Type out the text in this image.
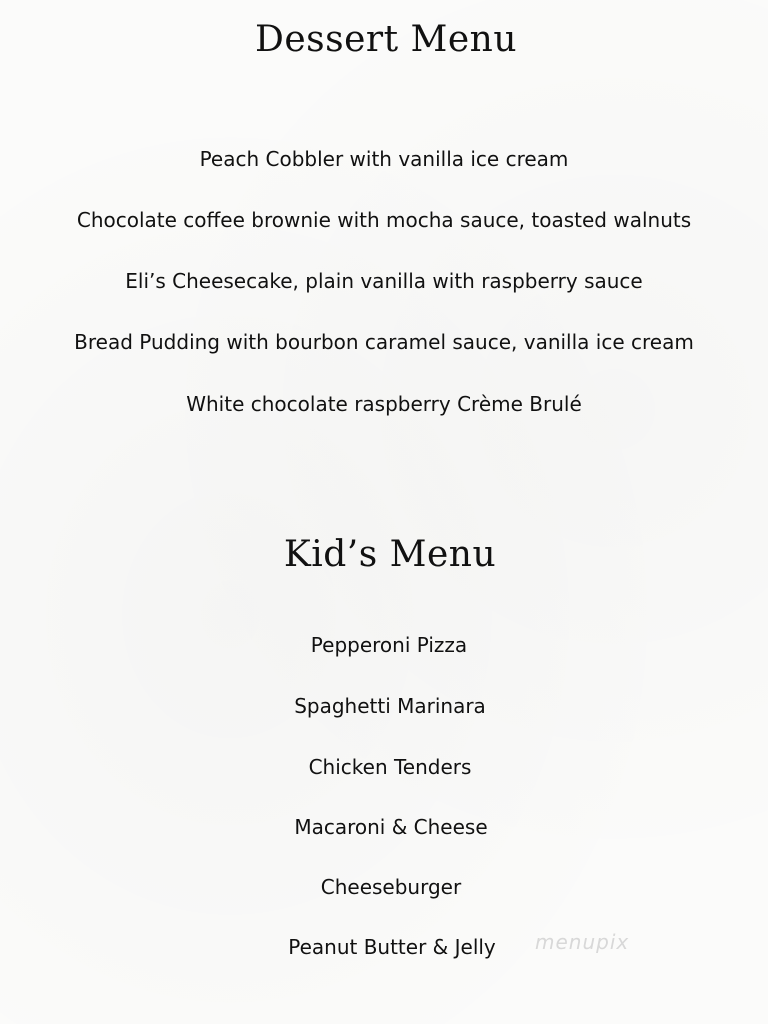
Dessert Menu

Peach Cobbler with vanilla ice cream

Chocolate coffee brownie with mocha sauce, toasted walnuts

Eli’s Cheesecake, plain vanilla with raspberry sauce

Bread Pudding with bourbon caramel sauce, vanilla ice cream

White chocolate raspberry Crème Brulé

Kid’s Menu

Pepperoni Pizza

Spaghetti Marinara

Chicken Tenders

Macaroni & Cheese

Cheeseburger

Peanut Butter & Jelly	menupix
